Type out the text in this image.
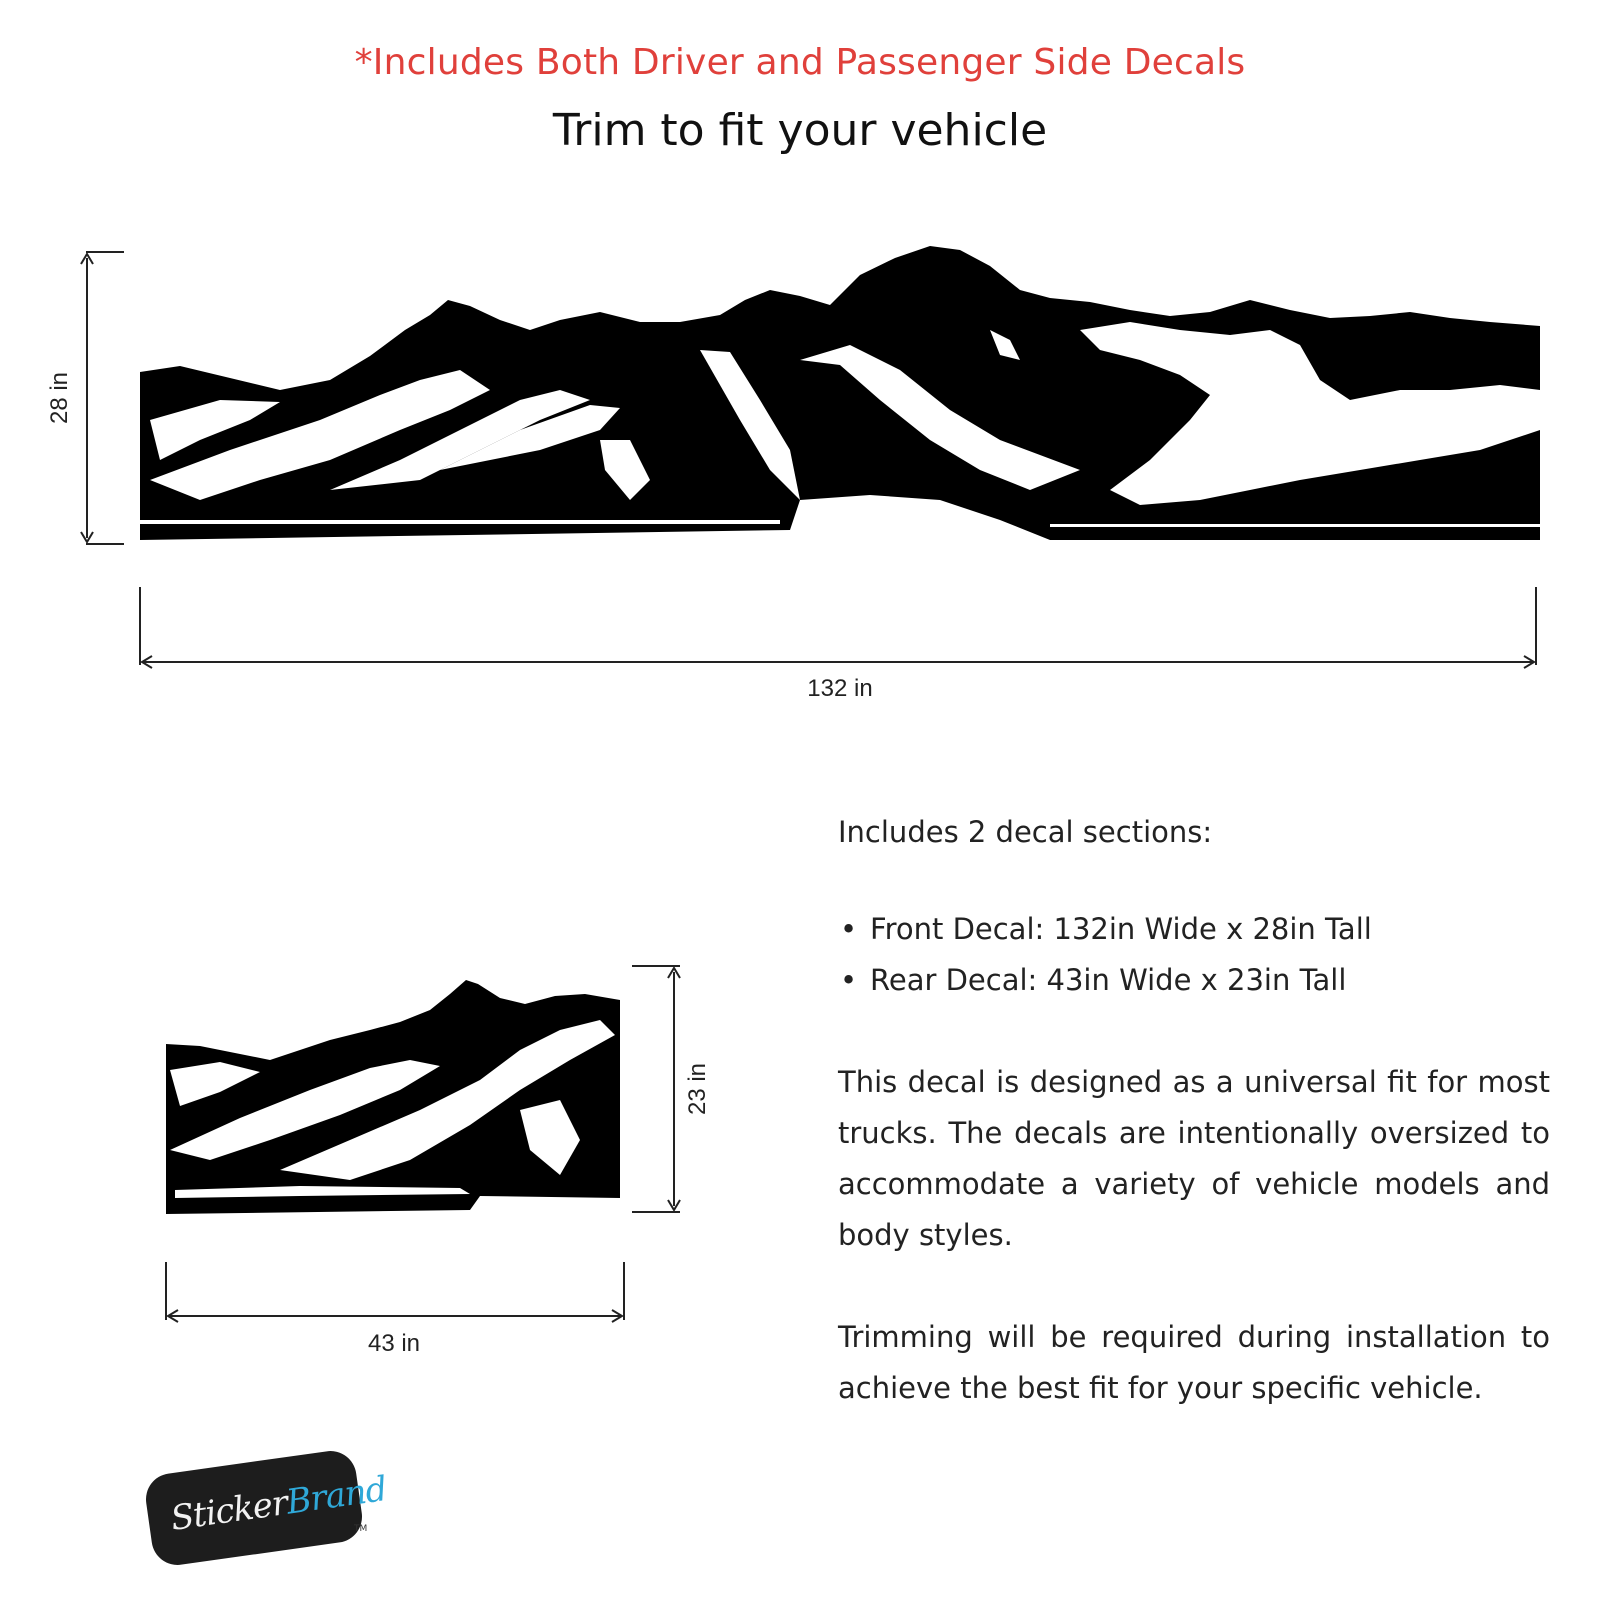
*Includes Both Driver and Passenger Side Decals
Trim to fit your vehicle
28 in
132 in
23 in
43 in
Includes 2 decal sections:
• Front Decal: 132in Wide x 28in Tall
• Rear Decal: 43in Wide x 23in Tall

This decal is designed as a universal fit for most trucks. The decals are intentionally oversized to accommodate a variety of vehicle models and body styles.

Trimming will be required during installation to achieve the best fit for your specific vehicle.

StickerBrand
TM
